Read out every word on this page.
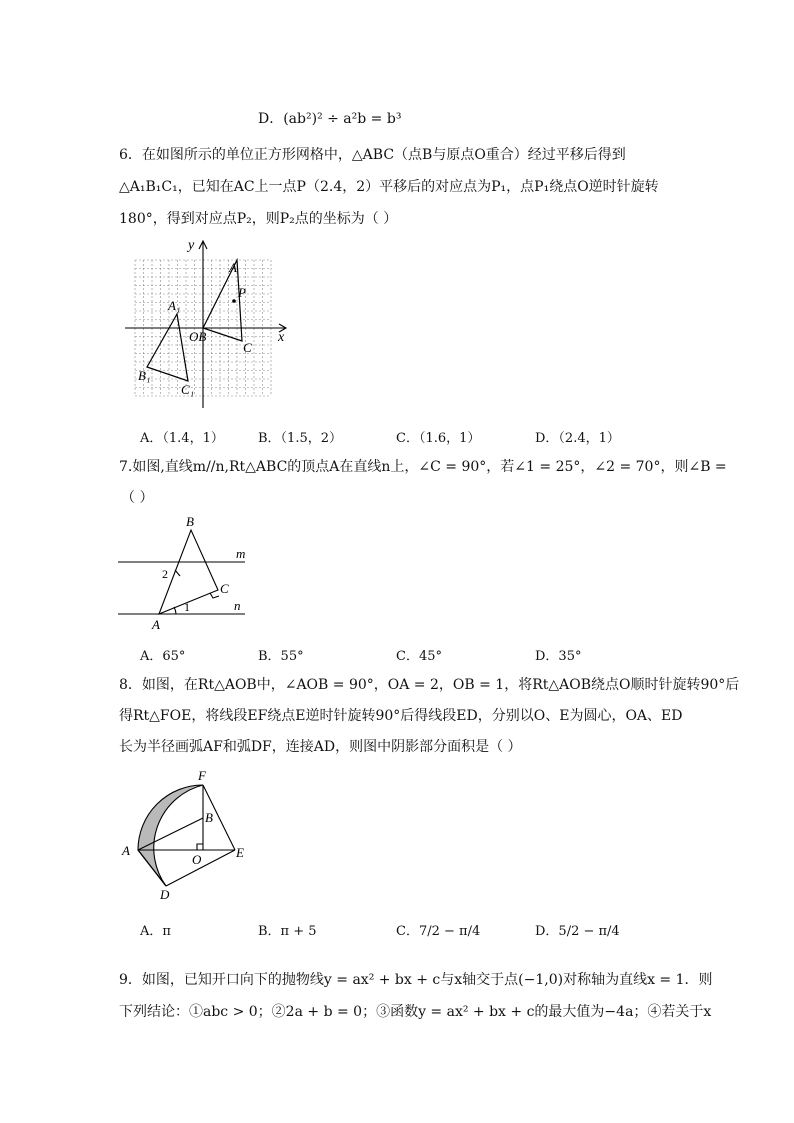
D．(ab²)² ÷ a²b = b³
6．在如图所示的单位正方形网格中，△ABC（点B与原点O重合）经过平移后得到
△A₁B₁C₁，已知在AC上一点P（2.4，2）平移后的对应点为P₁，点P₁绕点O逆时针旋转
180°，得到对应点P₂，则P₂点的坐标为（ ）
y
x
A
P
OB
C
A₁
B₁
C₁
A．（1.4，1）	B．（1.5，2）	C．（1.6，1）	D．（2.4，1）
7.如图,直线m//n,Rt△ABC的顶点A在直线n上，∠C = 90°，若∠1 = 25°，∠2 = 70°，则∠B =
（ ）
B
m
n
C
A
1
2
A．65°	B．55°	C．45°	D．35°
8．如图，在Rt△AOB中，∠AOB = 90°，OA = 2，OB = 1，将Rt△AOB绕点O顺时针旋转90°后
得Rt△FOE，将线段EF绕点E逆时针旋转90°后得线段ED，分别以O、E为圆心，OA、ED
长为半径画弧AF和弧DF，连接AD，则图中阴影部分面积是（ ）
F
B
A
O	E
D
A．π	B．π + 5	C．7/2 − π/4	D．5/2 − π/4
9．如图，已知开口向下的抛物线y = ax² + bx + c与x轴交于点(−1,0)对称轴为直线x = 1．则
下列结论：①abc > 0；②2a + b = 0；③函数y = ax² + bx + c的最大值为−4a；④若关于x
